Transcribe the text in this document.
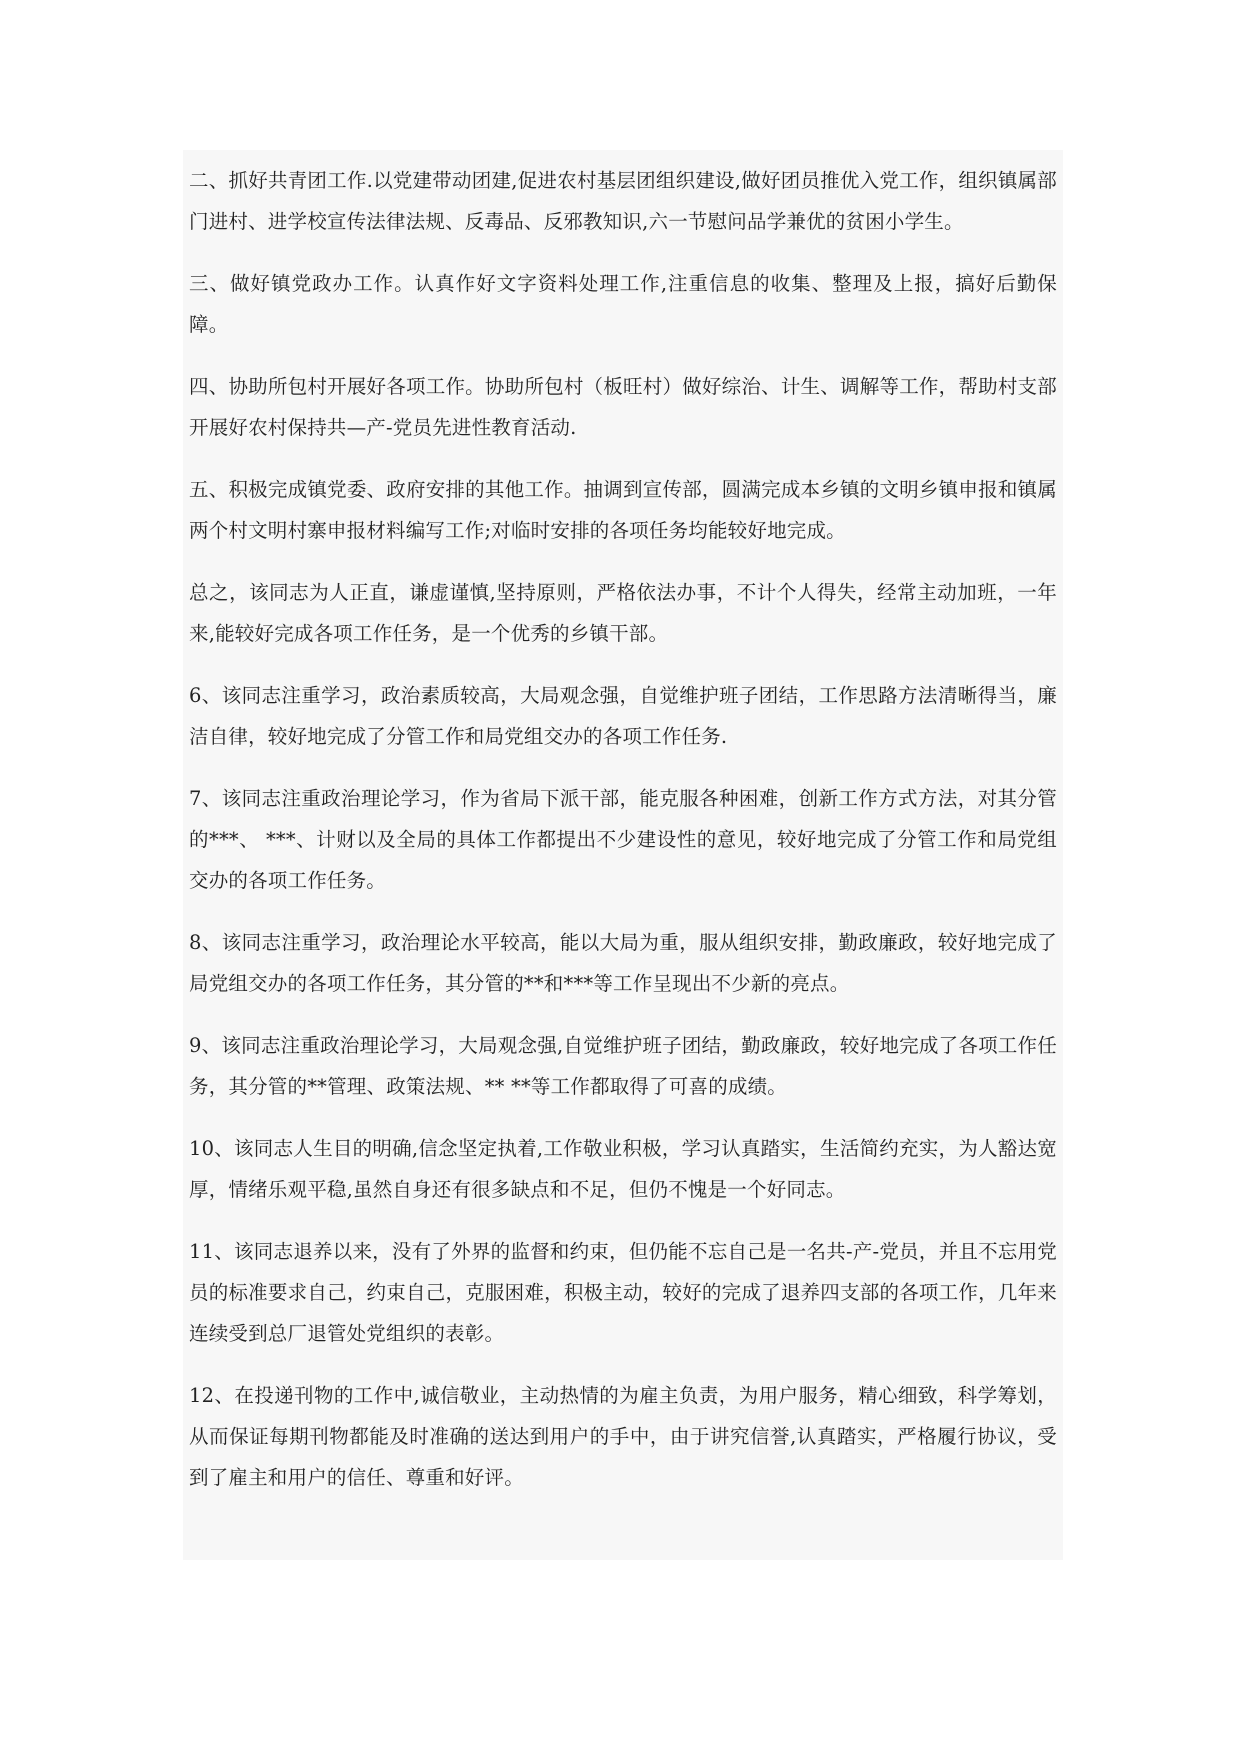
二、抓好共青团工作.以党建带动团建,促进农村基层团组织建设,做好团员推优入党工作，组织镇属部门进村、进学校宣传法律法规、反毒品、反邪教知识,六一节慰问品学兼优的贫困小学生。

三、做好镇党政办工作。认真作好文字资料处理工作,注重信息的收集、整理及上报，搞好后勤保障。

四、协助所包村开展好各项工作。协助所包村（板旺村）做好综治、计生、调解等工作，帮助村支部开展好农村保持共—产-党员先进性教育活动.

五、积极完成镇党委、政府安排的其他工作。抽调到宣传部，圆满完成本乡镇的文明乡镇申报和镇属两个村文明村寨申报材料编写工作;对临时安排的各项任务均能较好地完成。

总之，该同志为人正直，谦虚谨慎,坚持原则，严格依法办事，不计个人得失，经常主动加班，一年来,能较好完成各项工作任务，是一个优秀的乡镇干部。

6、该同志注重学习，政治素质较高，大局观念强，自觉维护班子团结，工作思路方法清晰得当，廉洁自律，较好地完成了分管工作和局党组交办的各项工作任务.

7、该同志注重政治理论学习，作为省局下派干部，能克服各种困难，创新工作方式方法，对其分管的***、 ***、计财以及全局的具体工作都提出不少建设性的意见，较好地完成了分管工作和局党组交办的各项工作任务。

8、该同志注重学习，政治理论水平较高，能以大局为重，服从组织安排，勤政廉政，较好地完成了局党组交办的各项工作任务，其分管的**和***等工作呈现出不少新的亮点。

9、该同志注重政治理论学习，大局观念强,自觉维护班子团结，勤政廉政，较好地完成了各项工作任务，其分管的**管理、政策法规、** **等工作都取得了可喜的成绩。

10、该同志人生目的明确,信念坚定执着,工作敬业积极，学习认真踏实，生活简约充实，为人豁达宽厚，情绪乐观平稳,虽然自身还有很多缺点和不足，但仍不愧是一个好同志。

11、该同志退养以来，没有了外界的监督和约束，但仍能不忘自己是一名共-产-党员，并且不忘用党员的标准要求自己，约束自己，克服困难，积极主动，较好的完成了退养四支部的各项工作，几年来连续受到总厂退管处党组织的表彰。

12、在投递刊物的工作中,诚信敬业，主动热情的为雇主负责，为用户服务，精心细致，科学筹划，从而保证每期刊物都能及时准确的送达到用户的手中，由于讲究信誉,认真踏实，严格履行协议，受到了雇主和用户的信任、尊重和好评。
